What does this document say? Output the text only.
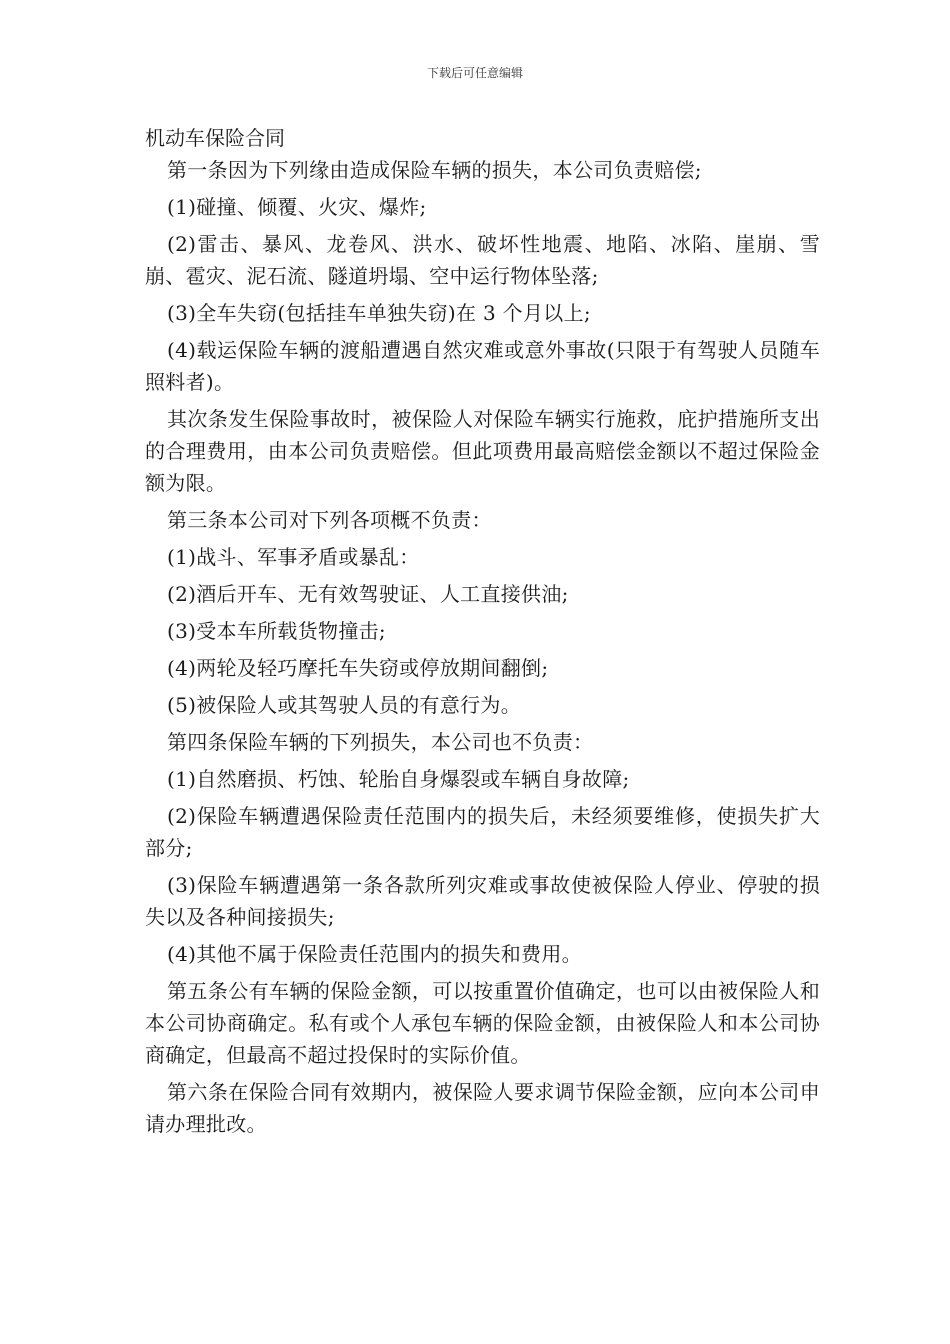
下载后可任意编辑
机动车保险合同

第一条因为下列缘由造成保险车辆的损失，本公司负责赔偿;

(1)碰撞、倾覆、火灾、爆炸;

(2)雷击、暴风、龙卷风、洪水、破坏性地震、地陷、冰陷、崖崩、雪崩、雹灾、泥石流、隧道坍塌、空中运行物体坠落;

(3)全车失窃(包括挂车单独失窃)在 3 个月以上;

(4)载运保险车辆的渡船遭遇自然灾难或意外事故(只限于有驾驶人员随车照料者)。

其次条发生保险事故时，被保险人对保险车辆实行施救，庇护措施所支出的合理费用，由本公司负责赔偿。但此项费用最高赔偿金额以不超过保险金额为限。

第三条本公司对下列各项概不负责：

(1)战斗、军事矛盾或暴乱：

(2)酒后开车、无有效驾驶证、人工直接供油;

(3)受本车所载货物撞击;

(4)两轮及轻巧摩托车失窃或停放期间翻倒;

(5)被保险人或其驾驶人员的有意行为。

第四条保险车辆的下列损失，本公司也不负责：

(1)自然磨损、朽蚀、轮胎自身爆裂或车辆自身故障;

(2)保险车辆遭遇保险责任范围内的损失后，未经须要维修，使损失扩大部分;

(3)保险车辆遭遇第一条各款所列灾难或事故使被保险人停业、停驶的损失以及各种间接损失;

(4)其他不属于保险责任范围内的损失和费用。

第五条公有车辆的保险金额，可以按重置价值确定，也可以由被保险人和本公司协商确定。私有或个人承包车辆的保险金额，由被保险人和本公司协商确定，但最高不超过投保时的实际价值。

第六条在保险合同有效期内，被保险人要求调节保险金额，应向本公司申请办理批改。
